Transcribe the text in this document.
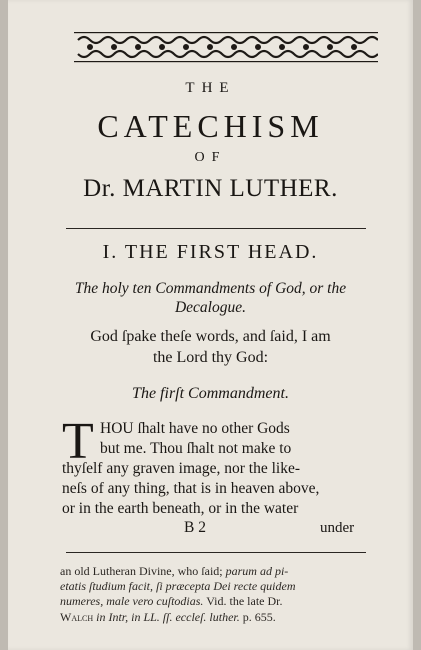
THE
CATECHISM
OF
Dr. MARTIN LUTHER.
I. THE FIRST HEAD.
The holy ten Commandments of God, or the
Decalogue.
God ſpake theſe words, and ſaid, I am
the Lord thy God:
The firſt Commandment.
T HOU ſhalt have no other Gods
but me. Thou ſhalt not make to
thyſelf any graven image, nor the like-
neſs of any thing, that is in heaven above,
or in the earth beneath, or in the water
B 2	under
an old Lutheran Divine, who ſaid; parum ad pi-
etatis ſtudium facit, ſi præcepta Dei recte quidem
numeres, male vero cuſtodias. Vid. the late Dr.
Walch in Intr, in LL. ſſ. eccleſ. luther. p. 655.
